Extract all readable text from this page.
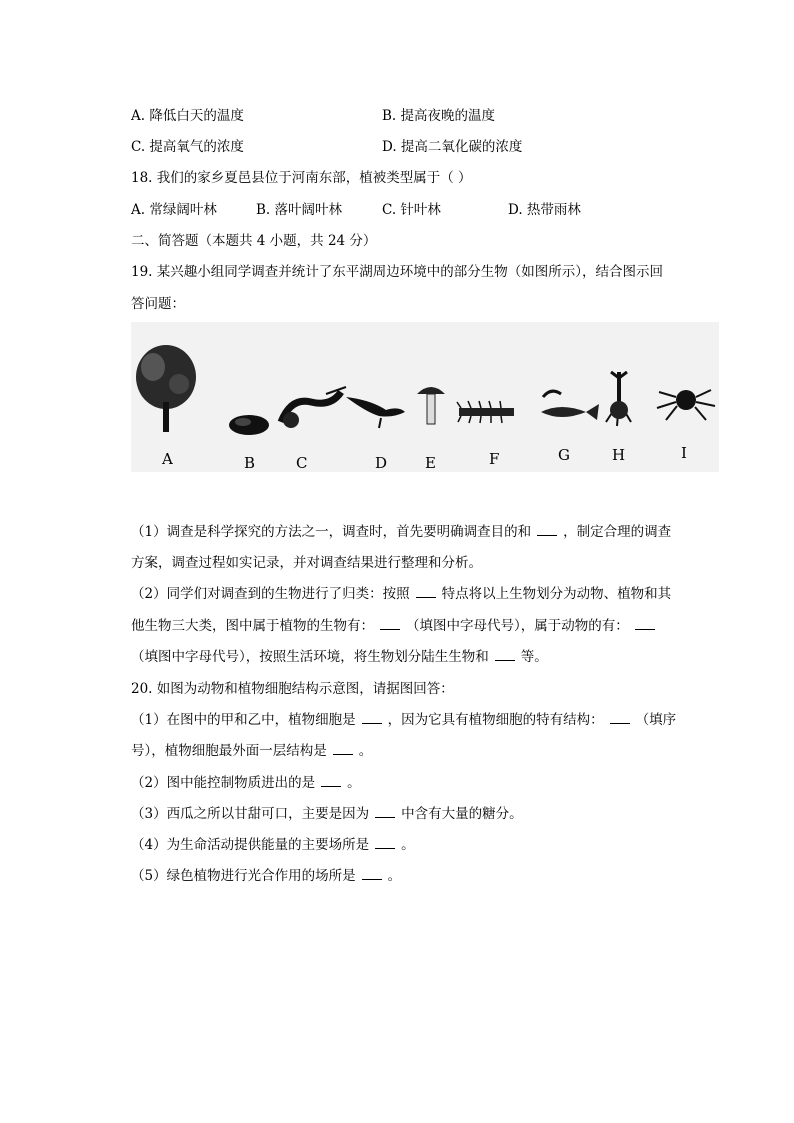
A. 降低白天的温度	B. 提高夜晚的温度
C. 提高氧气的浓度	D. 提高二氧化碳的浓度
18. 我们的家乡夏邑县位于河南东部，植被类型属于（ ）
A. 常绿阔叶林	B. 落叶阔叶林	C. 针叶林	D. 热带雨林
二、简答题（本题共 4 小题，共 24 分）
19. 某兴趣小组同学调查并统计了东平湖周边环境中的部分生物（如图所示），结合图示回
答问题：
A	B	C	D	E	F	G	H	I
（1）调查是科学探究的方法之一，调查时，首先要明确调查目的和 ，制定合理的调查
方案，调查过程如实记录，并对调查结果进行整理和分析。
（2）同学们对调查到的生物进行了归类：按照 特点将以上生物划分为动物、植物和其
他生物三大类，图中属于植物的生物有： （填图中字母代号），属于动物的有：
（填图中字母代号），按照生活环境，将生物划分陆生生物和 等。
20. 如图为动物和植物细胞结构示意图，请据图回答：
（1）在图中的甲和乙中，植物细胞是 ，因为它具有植物细胞的特有结构： （填序
号），植物细胞最外面一层结构是 。
（2）图中能控制物质进出的是 。
（3）西瓜之所以甘甜可口，主要是因为 中含有大量的糖分。
（4）为生命活动提供能量的主要场所是 。
（5）绿色植物进行光合作用的场所是 。
